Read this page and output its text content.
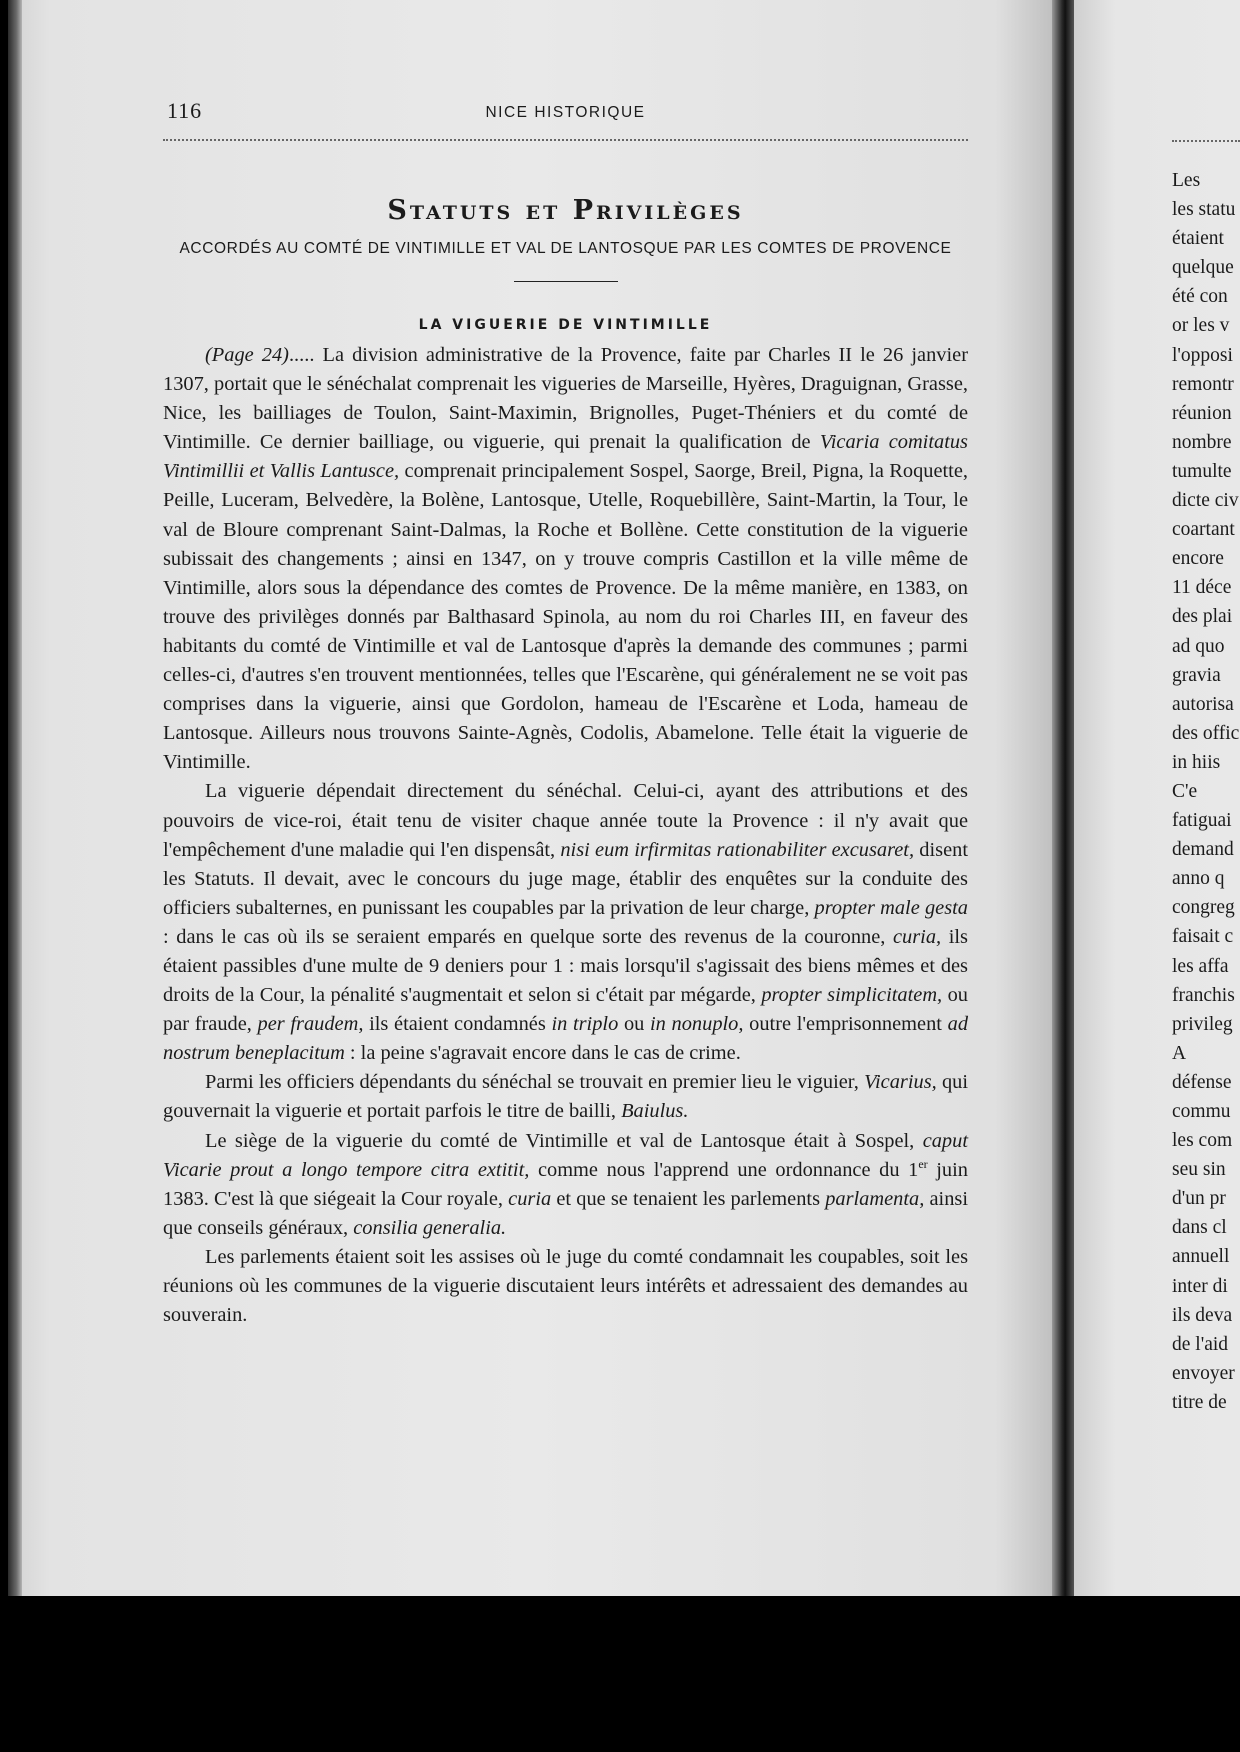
116	NICE HISTORIQUE
Statuts et Privilèges
ACCORDÉS AU COMTÉ DE VINTIMILLE ET VAL DE LANTOSQUE PAR LES COMTES DE PROVENCE
LA VIGUERIE DE VINTIMILLE

(Page 24)..... La division administrative de la Provence, faite par Charles II le 26 janvier 1307, portait que le sénéchalat comprenait les vigueries de Marseille, Hyères, Draguignan, Grasse, Nice, les bailliages de Toulon, Saint-Maximin, Brignolles, Puget-Théniers et du comté de Vintimille. Ce dernier bailliage, ou viguerie, qui prenait la qualification de Vicaria comitatus Vintimillii et Vallis Lantusce, comprenait principalement Sospel, Saorge, Breil, Pigna, la Roquette, Peille, Luceram, Belvedère, la Bolène, Lantosque, Utelle, Roquebillère, Saint-Martin, la Tour, le val de Bloure comprenant Saint-Dalmas, la Roche et Bollène. Cette constitution de la viguerie subissait des changements ; ainsi en 1347, on y trouve compris Castillon et la ville même de Vintimille, alors sous la dépendance des comtes de Provence. De la même manière, en 1383, on trouve des privilèges donnés par Balthasard Spinola, au nom du roi Charles III, en faveur des habitants du comté de Vintimille et val de Lantosque d'après la demande des communes ; parmi celles-ci, d'autres s'en trouvent mentionnées, telles que l'Escarène, qui généralement ne se voit pas comprises dans la viguerie, ainsi que Gordolon, hameau de l'Escarène et Loda, hameau de Lantosque. Ailleurs nous trouvons Sainte-Agnès, Codolis, Abamelone. Telle était la viguerie de Vintimille.

La viguerie dépendait directement du sénéchal. Celui-ci, ayant des attributions et des pouvoirs de vice-roi, était tenu de visiter chaque année toute la Provence : il n'y avait que l'empêchement d'une maladie qui l'en dispensât, nisi eum irfirmitas rationabiliter excusaret, disent les Statuts. Il devait, avec le concours du juge mage, établir des enquêtes sur la conduite des officiers subalternes, en punissant les coupables par la privation de leur charge, propter male gesta : dans le cas où ils se seraient emparés en quelque sorte des revenus de la couronne, curia, ils étaient passibles d'une multe de 9 deniers pour 1 : mais lorsqu'il s'agissait des biens mêmes et des droits de la Cour, la pénalité s'augmentait et selon si c'était par mégarde, propter simplicitatem, ou par fraude, per fraudem, ils étaient condamnés in triplo ou in nonuplo, outre l'emprisonnement ad nostrum beneplacitum : la peine s'agravait encore dans le cas de crime.

Parmi les officiers dépendants du sénéchal se trouvait en premier lieu le viguier, Vicarius, qui gouvernait la viguerie et portait parfois le titre de bailli, Baiulus.

Le siège de la viguerie du comté de Vintimille et val de Lantosque était à Sospel, caput Vicarie prout a longo tempore citra extitit, comme nous l'apprend une ordonnance du 1er juin 1383. C'est là que siégeait la Cour royale, curia et que se tenaient les parlements parlamenta, ainsi que conseils généraux, consilia generalia.

Les parlements étaient soit les assises où le juge du comté condamnait les coupables, soit les réunions où les communes de la viguerie discutaient leurs intérêts et adressaient des demandes au souverain.

Les
les statu
étaient
quelque
été con
or les v
l'opposi
remontr
réunion
nombre
tumulte
dicte civ
coartant
encore
11 déce
des plai
ad quo
gravia
autorisa
des offic
in hiis
C'e
fatiguai
demand
anno q
congreg
faisait c
les affa
franchis
privileg
A
défense
commu
les com
seu sin
d'un pr
dans cl
annuell
inter di
ils deva
de l'aid
envoyer
titre de
